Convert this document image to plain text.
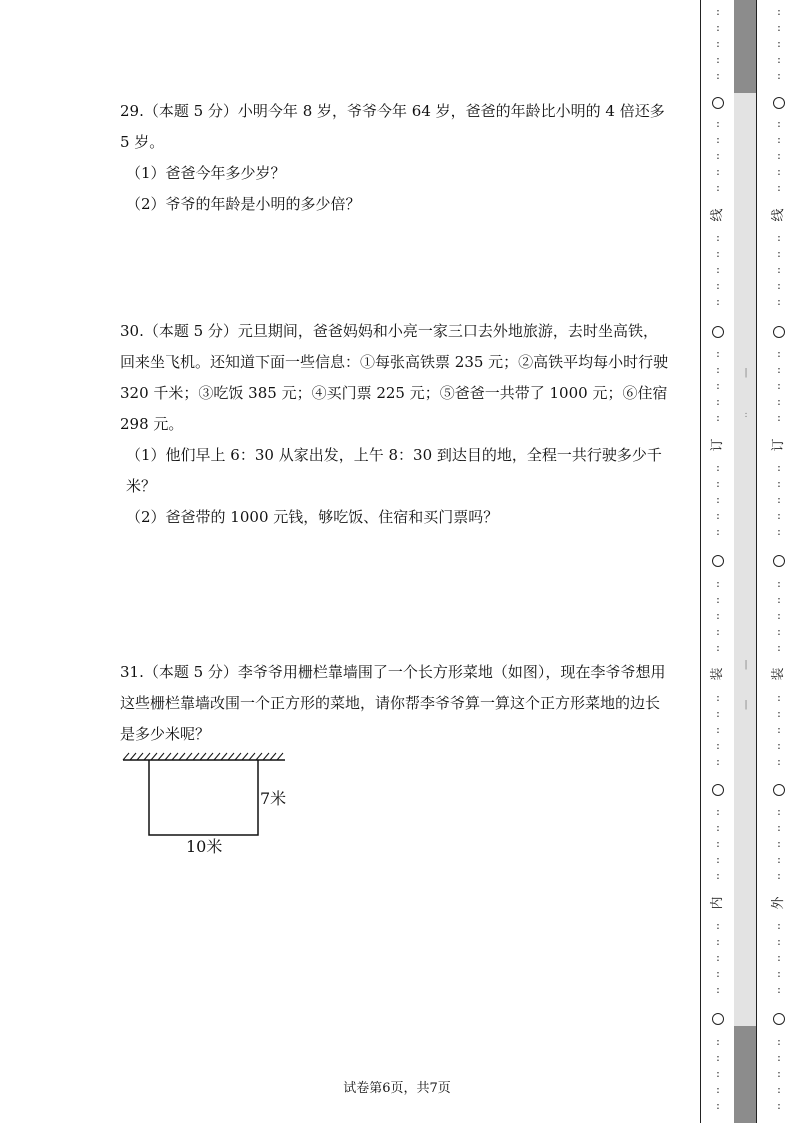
29.（本题 5 分）小明今年 8 岁，爷爷今年 64 岁，爸爸的年龄比小明的 4 倍还多 5 岁。

（1）爸爸今年多少岁？

（2）爷爷的年龄是小明的多少倍？

30.（本题 5 分）元旦期间，爸爸妈妈和小亮一家三口去外地旅游，去时坐高铁，回来坐飞机。还知道下面一些信息：①每张高铁票 235 元；②高铁平均每小时行驶 320 千米；③吃饭 385 元；④买门票 225 元；⑤爸爸一共带了 1000 元；⑥住宿 298 元。

（1）他们早上 6：30 从家出发，上午 8：30 到达目的地，全程一共行驶多少千米？

（2）爸爸带的 1000 元钱，够吃饭、住宿和买门票吗？

31.（本题 5 分）李爷爷用栅栏靠墙围了一个长方形菜地（如图），现在李爷爷想用这些栅栏靠墙改围一个正方形的菜地，请你帮李爷爷算一算这个正方形菜地的边长是多少米呢？

7米
10米
试卷第6页，共7页
|
:
|
|
:
:
:
:
:
:
:
:
:
:
线
:
:
:
:
:
:
:
:
:
:
订
:
:
:
:
:
:
:
:
:
:
装
:
:
:
:
:
:
:
:
:
:
内
:
:
:
:
:
:
:
:
:
:
:
:
:
:
:
:
:
:
:
:
线
:
:
:
:
:
:
:
:
:
:
订
:
:
:
:
:
:
:
:
:
:
装
:
:
:
:
:
:
:
:
:
:
外
:
:
:
:
:
:
:
:
:
:
